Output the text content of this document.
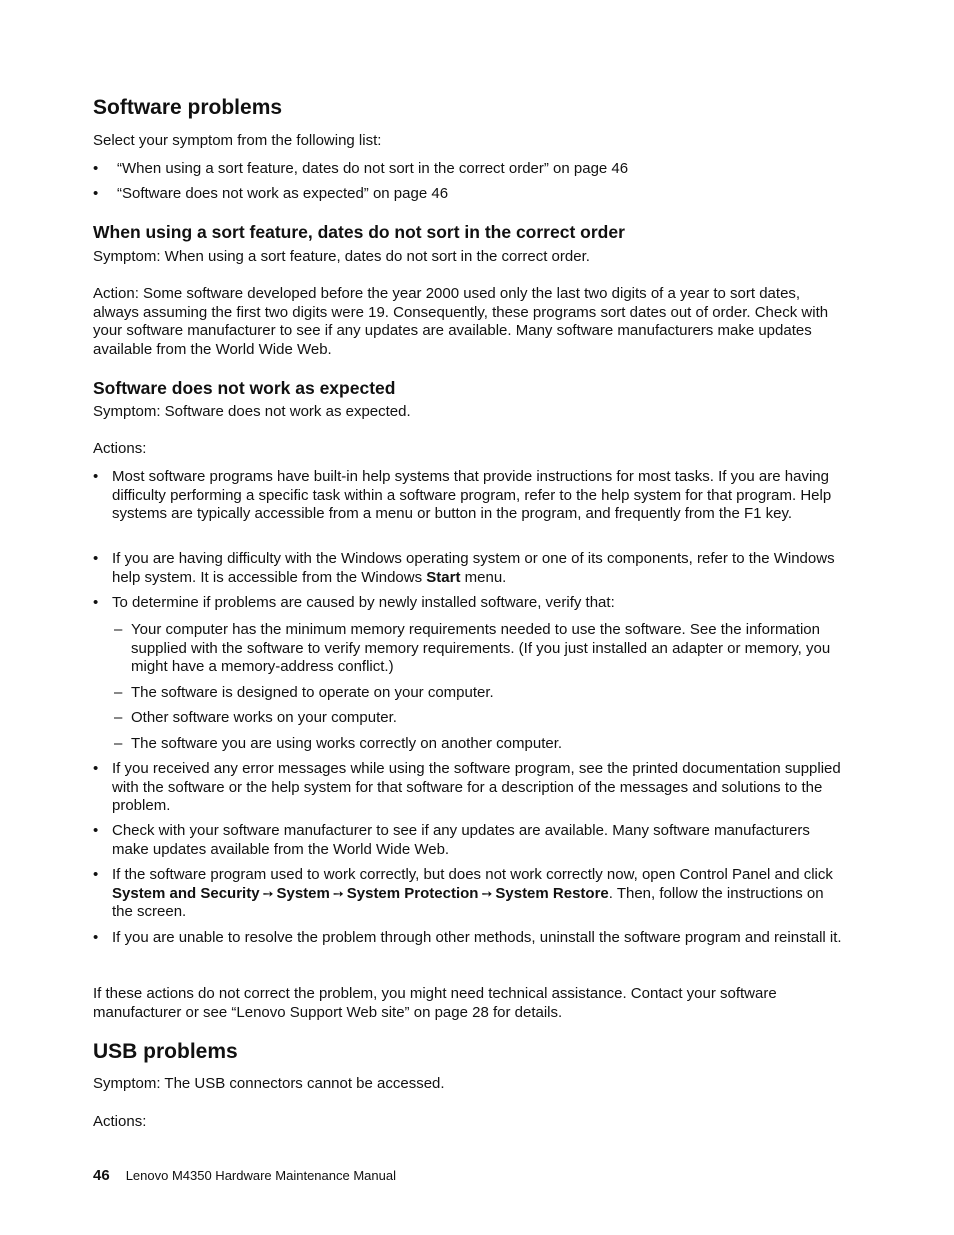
Software problems

Select your symptom from the following list:

• “When using a sort feature, dates do not sort in the correct order” on page 46
• “Software does not work as expected” on page 46
When using a sort feature, dates do not sort in the correct order

Symptom: When using a sort feature, dates do not sort in the correct order.

Action: Some software developed before the year 2000 used only the last two digits of a year to sort dates, always assuming the first two digits were 19. Consequently, these programs sort dates out of order. Check with your software manufacturer to see if any updates are available. Many software manufacturers make updates available from the World Wide Web.

Software does not work as expected

Symptom: Software does not work as expected.

Actions:

• Most software programs have built-in help systems that provide instructions for most tasks. If you are having difficulty performing a specific task within a software program, refer to the help system for that program. Help systems are typically accessible from a menu or button in the program, and frequently from the F1 key.
• If you are having difficulty with the Windows operating system or one of its components, refer to the Windows help system. It is accessible from the Windows Start menu.
• To determine if problems are caused by newly installed software, verify that:
– Your computer has the minimum memory requirements needed to use the software. See the information supplied with the software to verify memory requirements. (If you just installed an adapter or memory, you might have a memory-address conflict.)
– The software is designed to operate on your computer.
– Other software works on your computer.
– The software you are using works correctly on another computer.
• If you received any error messages while using the software program, see the printed documentation supplied with the software or the help system for that software for a description of the messages and solutions to the problem.
• Check with your software manufacturer to see if any updates are available. Many software manufacturers make updates available from the World Wide Web.
• If the software program used to work correctly, but does not work correctly now, open Control Panel and click System and Security ➙ System ➙ System Protection ➙ System Restore. Then, follow the instructions on the screen.
• If you are unable to resolve the problem through other methods, uninstall the software program and reinstall it.

If these actions do not correct the problem, you might need technical assistance. Contact your software manufacturer or see “Lenovo Support Web site” on page 28 for details.

USB problems

Symptom: The USB connectors cannot be accessed.

Actions:

46 Lenovo M4350 Hardware Maintenance Manual
